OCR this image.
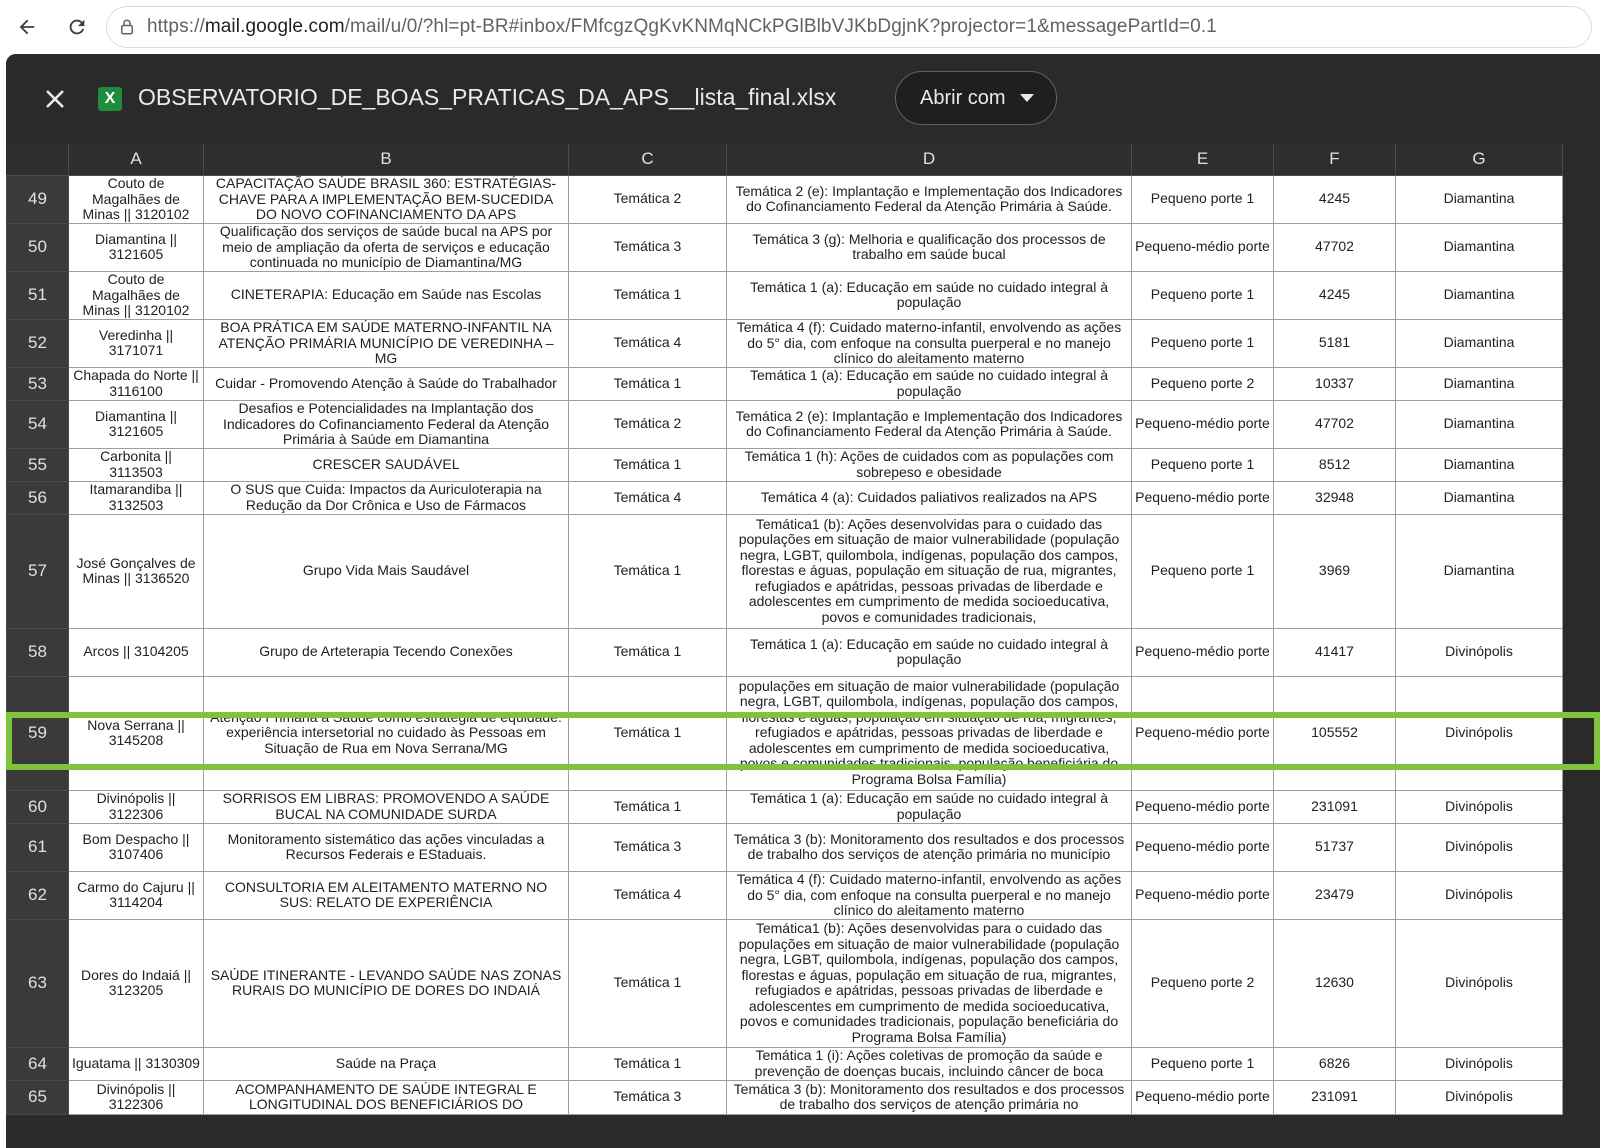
https://mail.google.com/mail/u/0/?hl=pt-BR#inbox/FMfcgzQgKvKNMqNCkPGlBlbVJKbDgjnK?projector=1&messagePartId=0.1
X OBSERVATORIO_DE_BOAS_PRATICAS_DA_APS__lista_final.xlsx	Abrir com
	A	B	C	D	E	F	G
49	Couto de Magalhães de Minas || 3120102	CAPACITAÇÃO SAÚDE BRASIL 360: ESTRATÉGIAS-CHAVE PARA A IMPLEMENTAÇÃO BEM-SUCEDIDA DO NOVO COFINANCIAMENTO DA APS	Temática 2	Temática 2 (e): Implantação e Implementação dos Indicadores do Cofinanciamento Federal da Atenção Primária à Saúde.	Pequeno porte 1	4245	Diamantina

50	Diamantina || 3121605	Qualificação dos serviços de saúde bucal na APS por meio de ampliação da oferta de serviços e educação continuada no município de Diamantina/MG	Temática 3	Temática 3 (g): Melhoria e qualificação dos processos de trabalho em saúde bucal	Pequeno-médio porte	47702	Diamantina

51	Couto de Magalhães de Minas || 3120102	CINETERAPIA: Educação em Saúde nas Escolas	Temática 1	Temática 1 (a): Educação em saúde no cuidado integral à população	Pequeno porte 1	4245	Diamantina

52	Veredinha || 3171071	BOA PRÁTICA EM SAÚDE MATERNO-INFANTIL NA ATENÇÃO PRIMÁRIA MUNICÍPIO DE VEREDINHA – MG	Temática 4	Temática 4 (f): Cuidado materno-infantil, envolvendo as ações do 5° dia, com enfoque na consulta puerperal e no manejo clínico do aleitamento materno	Pequeno porte 1	5181	Diamantina

53	Chapada do Norte || 3116100	Cuidar - Promovendo Atenção à Saúde do Trabalhador	Temática 1	Temática 1 (a): Educação em saúde no cuidado integral à população	Pequeno porte 2	10337	Diamantina

54	Diamantina || 3121605	Desafios e Potencialidades na Implantação dos Indicadores do Cofinanciamento Federal da Atenção Primária à Saúde em Diamantina	Temática 2	Temática 2 (e): Implantação e Implementação dos Indicadores do Cofinanciamento Federal da Atenção Primária à Saúde.	Pequeno-médio porte	47702	Diamantina

55	Carbonita || 3113503	CRESCER SAUDÁVEL	Temática 1	Temática 1 (h): Ações de cuidados com as populações com sobrepeso e obesidade	Pequeno porte 1	8512	Diamantina

56	Itamarandiba || 3132503	O SUS que Cuida: Impactos da Auriculoterapia na Redução da Dor Crônica e Uso de Fármacos	Temática 4	Temática 4 (a): Cuidados paliativos realizados na APS	Pequeno-médio porte	32948	Diamantina

57	José Gonçalves de Minas || 3136520	Grupo Vida Mais Saudável	Temática 1	Temática1 (b): Ações desenvolvidas para o cuidado das populações em situação de maior vulnerabilidade (população negra, LGBT, quilombola, indígenas, população dos campos, florestas e águas, população em situação de rua, migrantes, refugiados e apátridas, pessoas privadas de liberdade e adolescentes em cumprimento de medida socioeducativa, povos e comunidades tradicionais,	Pequeno porte 1	3969	Diamantina

58	Arcos || 3104205	Grupo de Arteterapia Tecendo Conexões	Temática 1	Temática 1 (a): Educação em saúde no cuidado integral à população	Pequeno-médio porte	41417	Divinópolis

59	Nova Serrana || 3145208	Atenção Primária à Saúde como estratégia de equidade: experiência intersetorial no cuidado às Pessoas em Situação de Rua em Nova Serrana/MG	Temática 1	populações em situação de maior vulnerabilidade (população negra, LGBT, quilombola, indígenas, população dos campos, florestas e águas, população em situação de rua, migrantes, refugiados e apátridas, pessoas privadas de liberdade e adolescentes em cumprimento de medida socioeducativa, povos e comunidades tradicionais, população beneficiária do Programa Bolsa Família)	Pequeno-médio porte	105552	Divinópolis

60	Divinópolis || 3122306	SORRISOS EM LIBRAS: PROMOVENDO A SAÚDE BUCAL NA COMUNIDADE SURDA	Temática 1	Temática 1 (a): Educação em saúde no cuidado integral à população	Pequeno-médio porte	231091	Divinópolis

61	Bom Despacho || 3107406	Monitoramento sistemático das ações vinculadas a Recursos Federais e EStaduais.	Temática 3	Temática 3 (b): Monitoramento dos resultados e dos processos de trabalho dos serviços de atenção primária no município	Pequeno-médio porte	51737	Divinópolis

62	Carmo do Cajuru || 3114204	CONSULTORIA EM ALEITAMENTO MATERNO NO SUS: RELATO DE EXPERIÊNCIA	Temática 4	Temática 4 (f): Cuidado materno-infantil, envolvendo as ações do 5° dia, com enfoque na consulta puerperal e no manejo clínico do aleitamento materno	Pequeno-médio porte	23479	Divinópolis

63	Dores do Indaiá || 3123205	SAÚDE ITINERANTE - LEVANDO SAÚDE NAS ZONAS RURAIS DO MUNICÍPIO DE DORES DO INDAIÁ	Temática 1	Temática1 (b): Ações desenvolvidas para o cuidado das populações em situação de maior vulnerabilidade (população negra, LGBT, quilombola, indígenas, população dos campos, florestas e águas, população em situação de rua, migrantes, refugiados e apátridas, pessoas privadas de liberdade e adolescentes em cumprimento de medida socioeducativa, povos e comunidades tradicionais, população beneficiária do Programa Bolsa Família)	Pequeno porte 2	12630	Divinópolis

64	Iguatama || 3130309	Saúde na Praça	Temática 1	Temática 1 (i): Ações coletivas de promoção da saúde e prevenção de doenças bucais, incluindo câncer de boca	Pequeno porte 1	6826	Divinópolis

65	Divinópolis || 3122306	ACOMPANHAMENTO DE SAÚDE INTEGRAL E LONGITUDINAL DOS BENEFICIÁRIOS DO	Temática 3	Temática 3 (b): Monitoramento dos resultados e dos processos de trabalho dos serviços de atenção primária no	Pequeno-médio porte	231091	Divinópolis
